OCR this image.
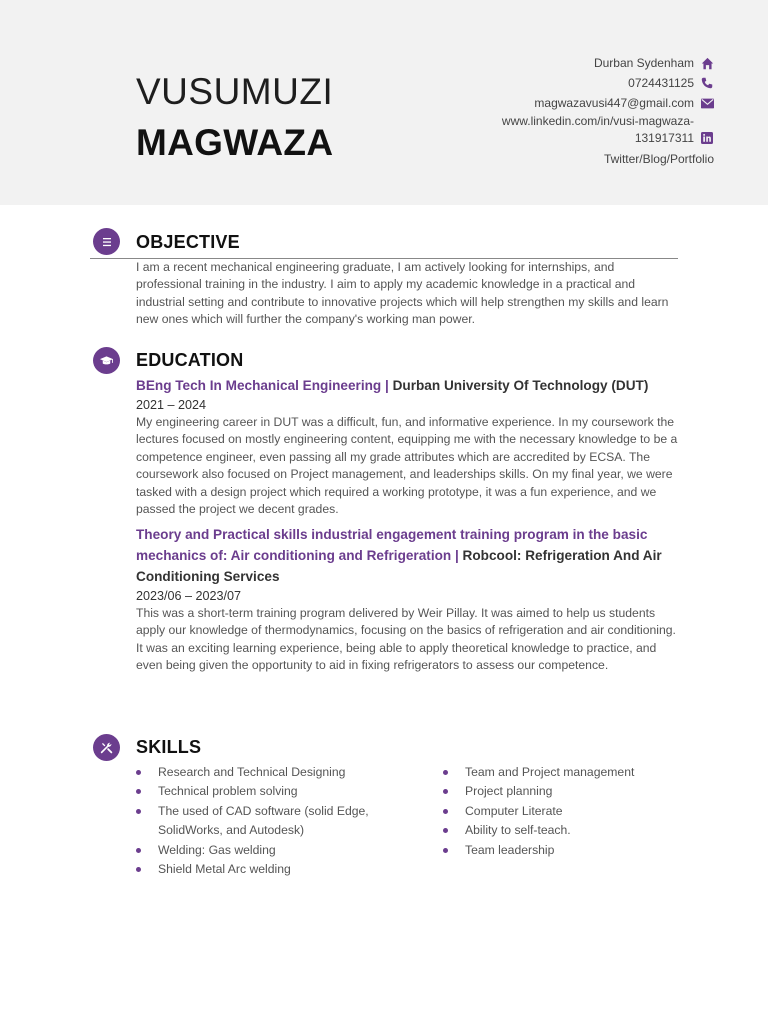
VUSUMUZI
MAGWAZA
Durban Sydenham
0724431125
magwazavusi447@gmail.com
www.linkedin.com/in/vusi-magwaza-
131917311
Twitter/Blog/Portfolio
OBJECTIVE
I am a recent mechanical engineering graduate, I am actively looking for internships, and professional training in the industry. I aim to apply my academic knowledge in a practical and industrial setting and contribute to innovative projects which will help strengthen my skills and learn new ones which will further the company's working man power.
EDUCATION
BEng Tech In Mechanical Engineering | Durban University Of Technology (DUT)
2021 – 2024
My engineering career in DUT was a difficult, fun, and informative experience. In my coursework the lectures focused on mostly engineering content, equipping me with the necessary knowledge to be a competence engineer, even passing all my grade attributes which are accredited by ECSA. The coursework also focused on Project management, and leaderships skills. On my final year, we were tasked with a design project which required a working prototype, it was a fun experience, and we passed the project we decent grades.
Theory and Practical skills industrial engagement training program in the basic mechanics of: Air conditioning and Refrigeration | Robcool: Refrigeration And Air Conditioning Services
2023/06 – 2023/07
This was a short-term training program delivered by Weir Pillay. It was aimed to help us students apply our knowledge of thermodynamics, focusing on the basics of refrigeration and air conditioning. It was an exciting learning experience, being able to apply theoretical knowledge to practice, and even being given the opportunity to aid in fixing refrigerators to assess our competence.
SKILLS
Research and Technical Designing
Technical problem solving
The used of CAD software (solid Edge, SolidWorks, and Autodesk)
Welding: Gas welding
Shield Metal Arc welding
Team and Project management
Project planning
Computer Literate
Ability to self-teach.
Team leadership
